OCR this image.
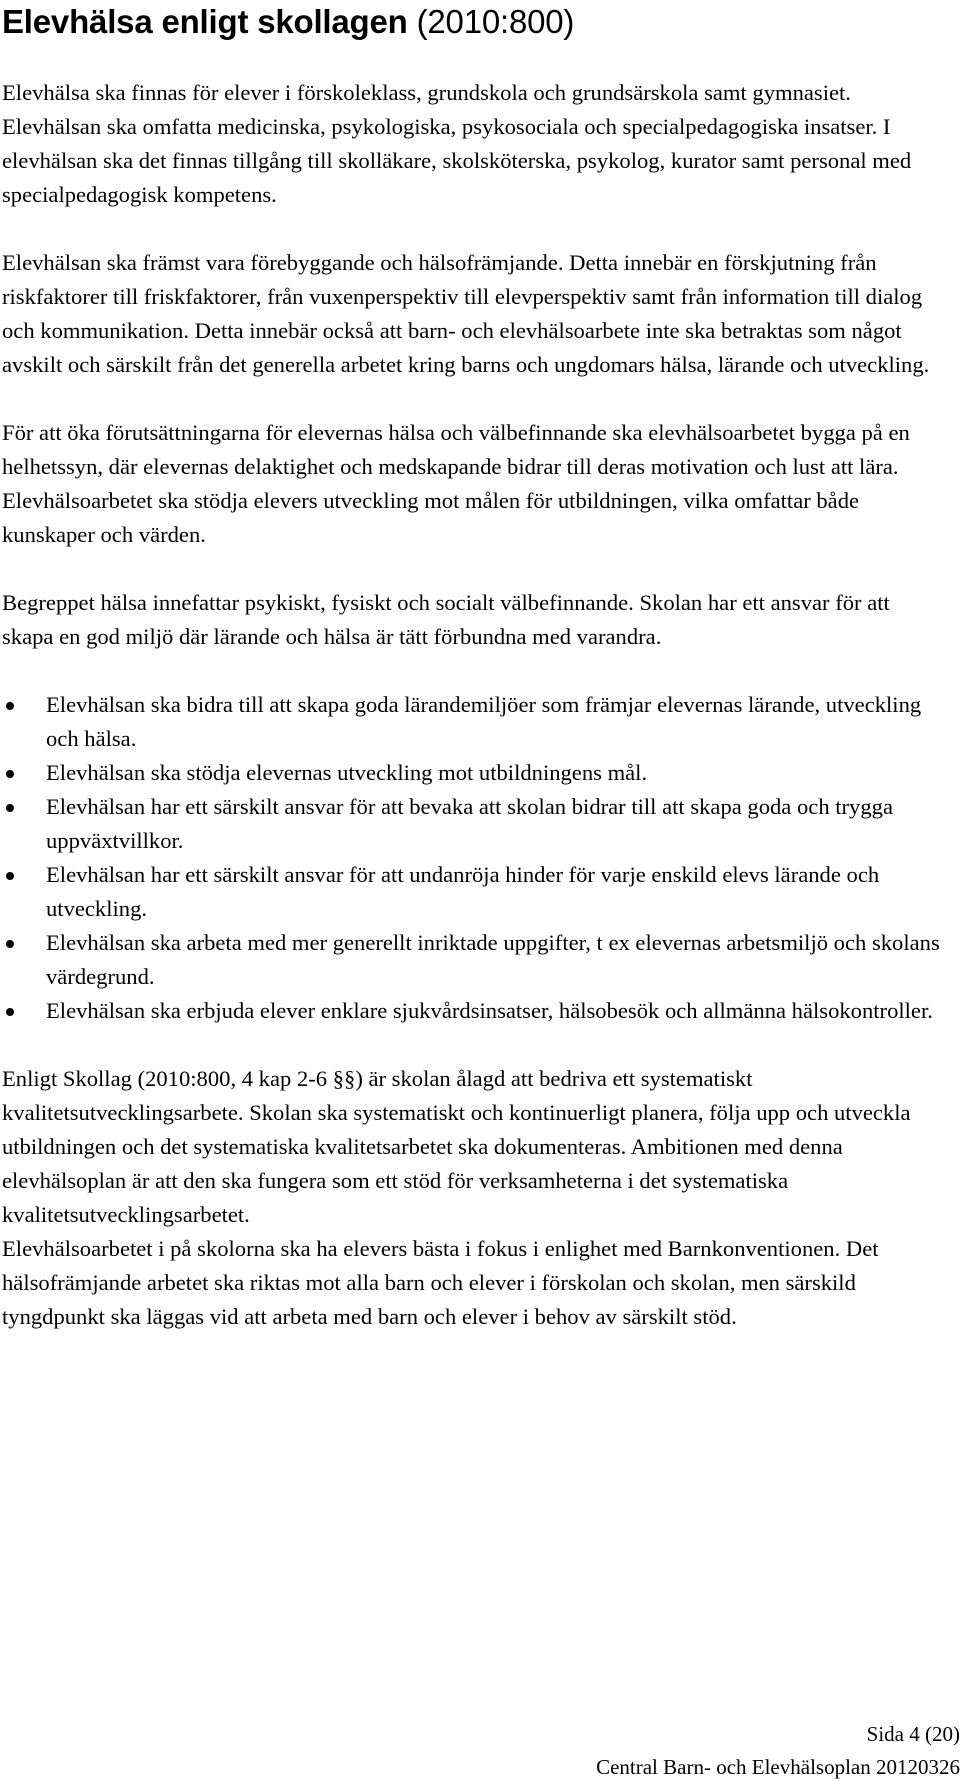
Elevhälsa enligt skollagen (2010:800)

Elevhälsa ska finnas för elever i förskoleklass, grundskola och grundsärskola samt gymnasiet. Elevhälsan ska omfatta medicinska, psykologiska, psykosociala och specialpedagogiska insatser. I elevhälsan ska det finnas tillgång till skolläkare, skolsköterska, psykolog, kurator samt personal med specialpedagogisk kompetens.

Elevhälsan ska främst vara förebyggande och hälsofrämjande. Detta innebär en förskjutning från riskfaktorer till friskfaktorer, från vuxenperspektiv till elevperspektiv samt från information till dialog och kommunikation. Detta innebär också att barn- och elevhälsoarbete inte ska betraktas som något avskilt och särskilt från det generella arbetet kring barns och ungdomars hälsa, lärande och utveckling.

För att öka förutsättningarna för elevernas hälsa och välbefinnande ska elevhälsoarbetet bygga på en helhetssyn, där elevernas delaktighet och medskapande bidrar till deras motivation och lust att lära.

Elevhälsoarbetet ska stödja elevers utveckling mot målen för utbildningen, vilka omfattar både kunskaper och värden.

Begreppet hälsa innefattar psykiskt, fysiskt och socialt välbefinnande. Skolan har ett ansvar för att skapa en god miljö där lärande och hälsa är tätt förbundna med varandra.

Elevhälsan ska bidra till att skapa goda lärandemiljöer som främjar elevernas lärande, utveckling och hälsa.
Elevhälsan ska stödja elevernas utveckling mot utbildningens mål.
Elevhälsan har ett särskilt ansvar för att bevaka att skolan bidrar till att skapa goda och trygga uppväxtvillkor.
Elevhälsan har ett särskilt ansvar för att undanröja hinder för varje enskild elevs lärande och utveckling.
Elevhälsan ska arbeta med mer generellt inriktade uppgifter, t ex elevernas arbetsmiljö och skolans värdegrund.
Elevhälsan ska erbjuda elever enklare sjukvårdsinsatser, hälsobesök och allmänna hälsokontroller.

Enligt Skollag (2010:800, 4 kap 2-6 §§) är skolan ålagd att bedriva ett systematiskt kvalitetsutvecklingsarbete. Skolan ska systematiskt och kontinuerligt planera, följa upp och utveckla utbildningen och det systematiska kvalitetsarbetet ska dokumenteras. Ambitionen med denna elevhälsoplan är att den ska fungera som ett stöd för verksamheterna i det systematiska kvalitetsutvecklingsarbetet.

Elevhälsoarbetet i på skolorna ska ha elevers bästa i fokus i enlighet med Barnkonventionen. Det hälsofrämjande arbetet ska riktas mot alla barn och elever i förskolan och skolan, men särskild tyngdpunkt ska läggas vid att arbeta med barn och elever i behov av särskilt stöd.

Sida 4 (20)
Central Barn- och Elevhälsoplan 20120326
